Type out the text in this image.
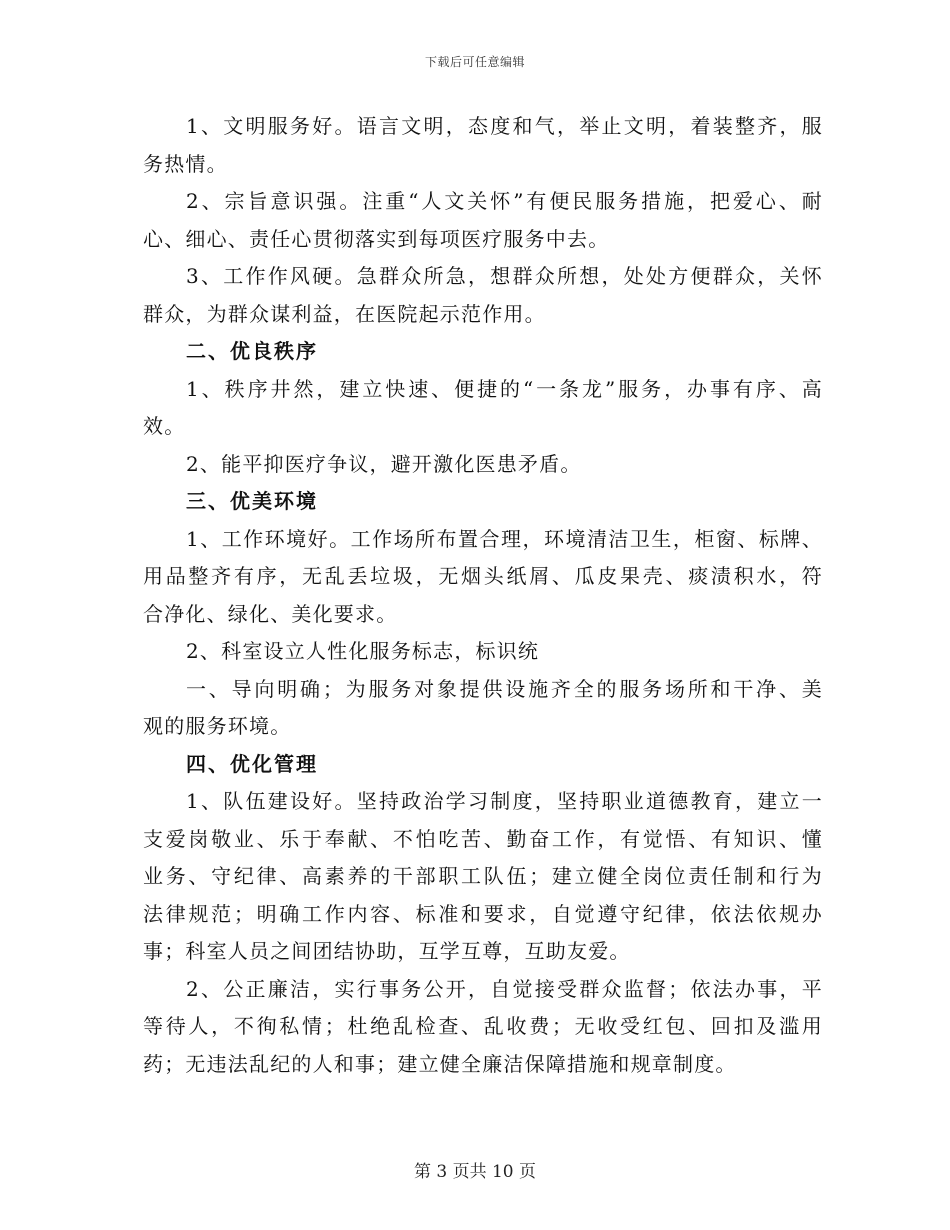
下载后可任意编辑
1、文明服务好。语言文明，态度和气，举止文明，着装整齐，服
务热情。
2、宗旨意识强。注重“人文关怀”有便民服务措施，把爱心、耐
心、细心、责任心贯彻落实到每项医疗服务中去。
3、工作作风硬。急群众所急，想群众所想，处处方便群众，关怀
群众，为群众谋利益，在医院起示范作用。
二、优良秩序
1、秩序井然，建立快速、便捷的“一条龙”服务，办事有序、高
效。
2、能平抑医疗争议，避开激化医患矛盾。
三、优美环境
1、工作环境好。工作场所布置合理，环境清洁卫生，柜窗、标牌、
用品整齐有序，无乱丢垃圾，无烟头纸屑、瓜皮果壳、痰渍积水，符
合净化、绿化、美化要求。
2、科室设立人性化服务标志，标识统
一、导向明确；为服务对象提供设施齐全的服务场所和干净、美
观的服务环境。
四、优化管理
1、队伍建设好。坚持政治学习制度，坚持职业道德教育，建立一
支爱岗敬业、乐于奉献、不怕吃苦、勤奋工作，有觉悟、有知识、懂
业务、守纪律、高素养的干部职工队伍；建立健全岗位责任制和行为
法律规范；明确工作内容、标准和要求，自觉遵守纪律，依法依规办
事；科室人员之间团结协助，互学互尊，互助友爱。
2、公正廉洁，实行事务公开，自觉接受群众监督；依法办事，平
等待人，不徇私情；杜绝乱检查、乱收费；无收受红包、回扣及滥用
药；无违法乱纪的人和事；建立健全廉洁保障措施和规章制度。
第 3 页共 10 页
